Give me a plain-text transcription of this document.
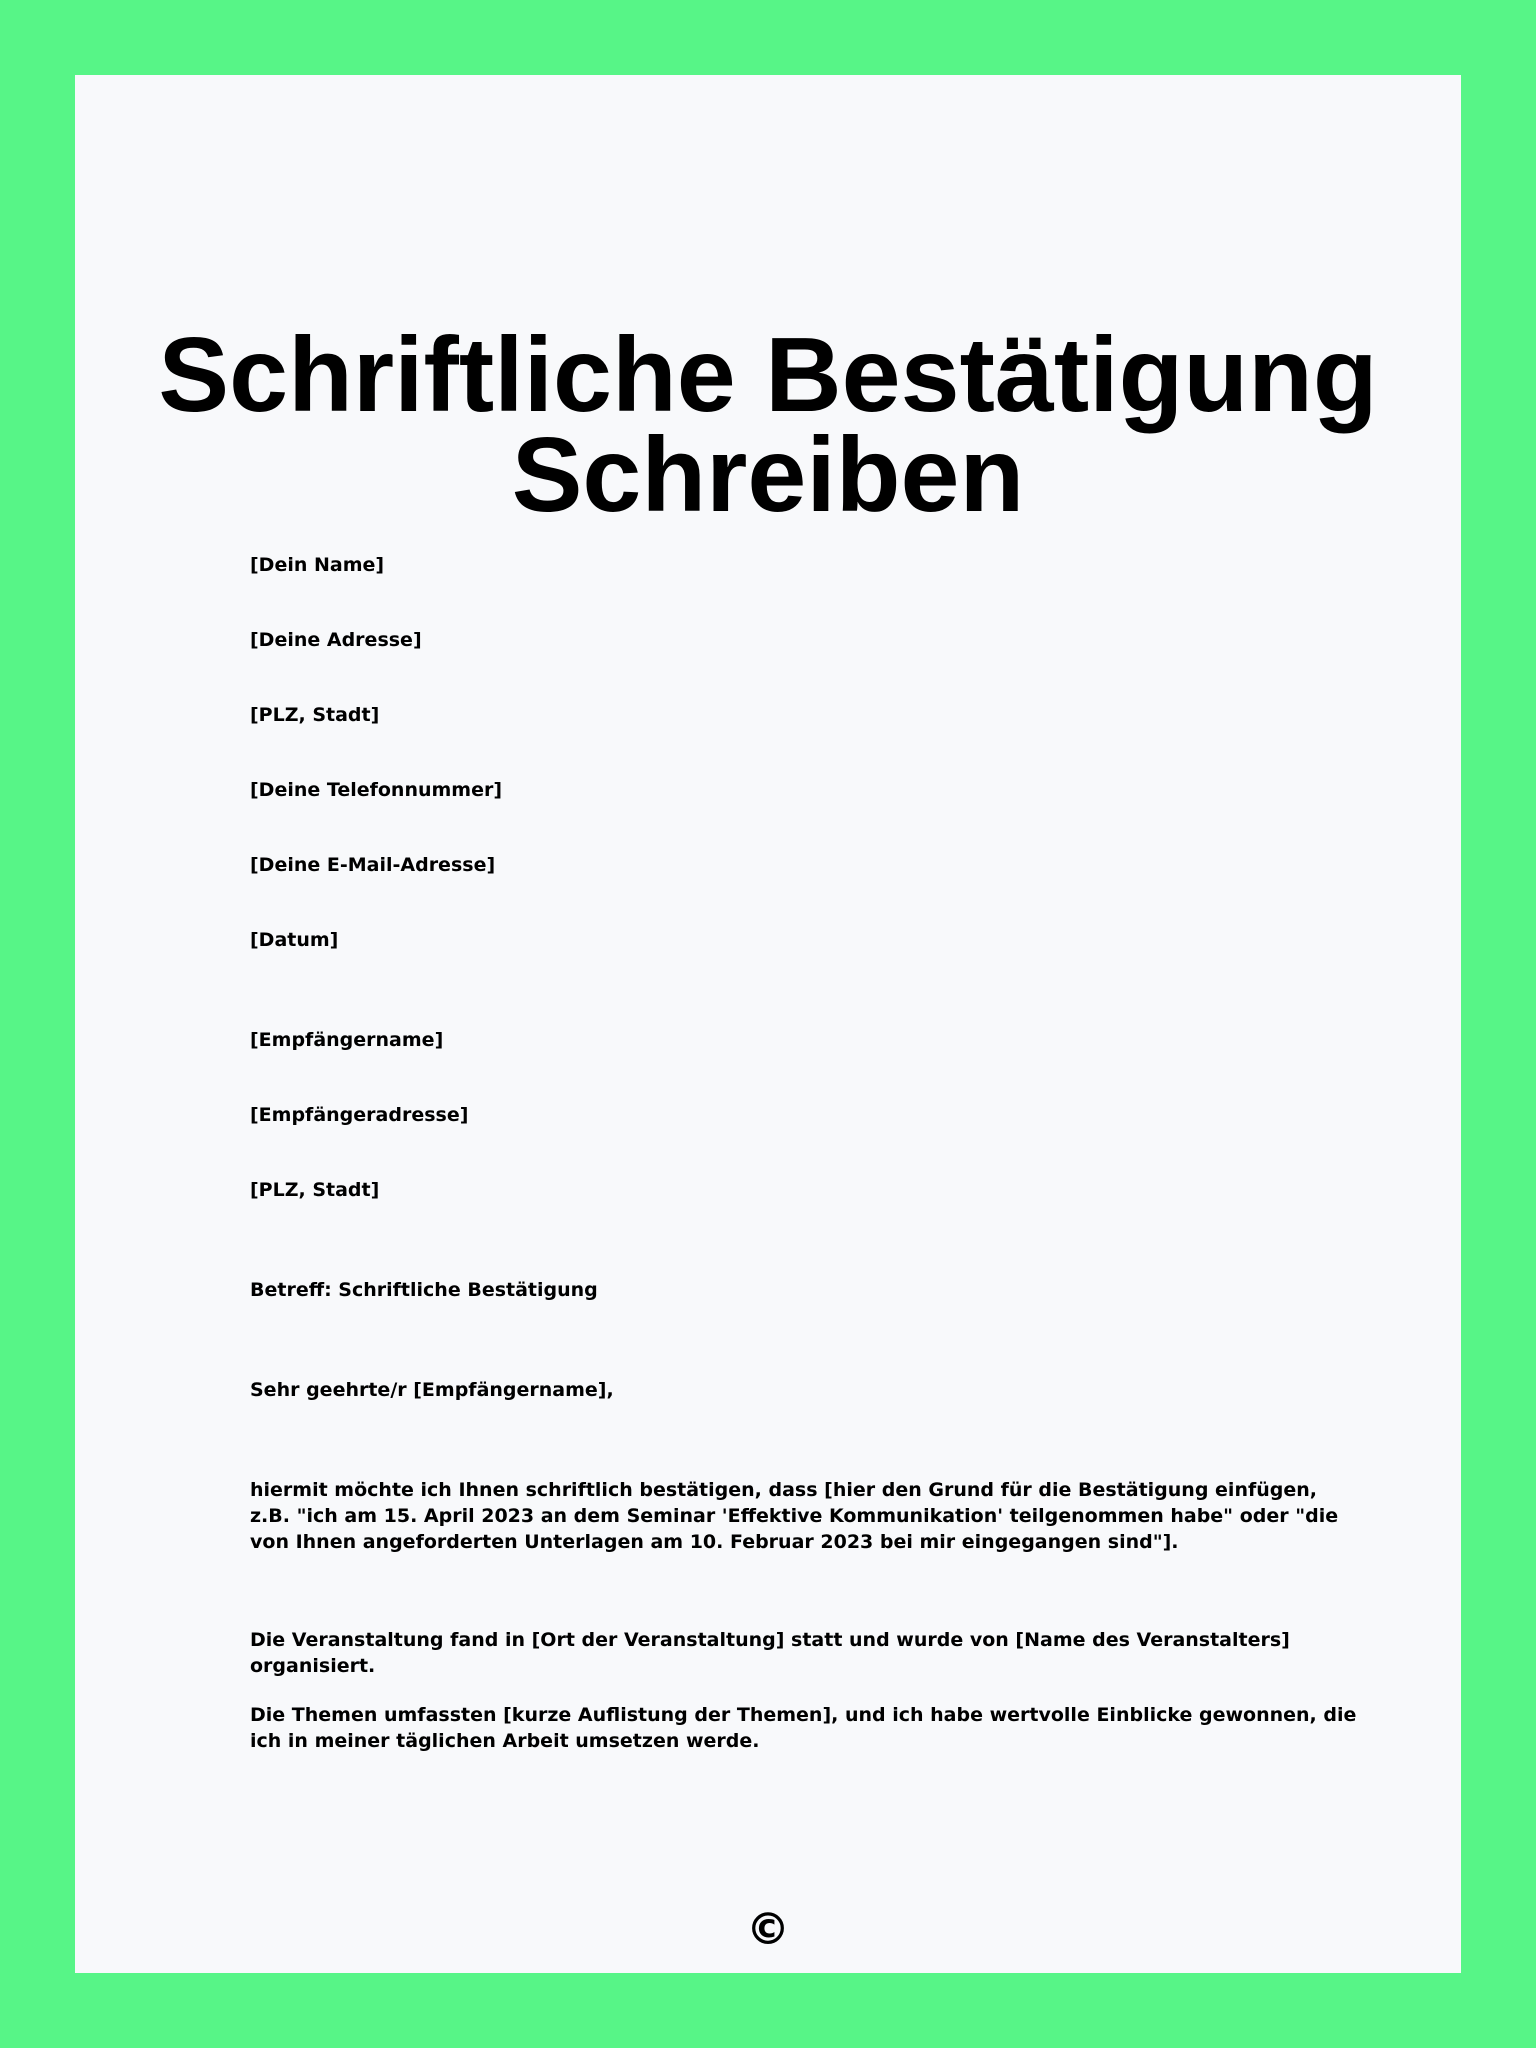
Schriftliche Bestätigung
Schreiben

[Dein Name]

[Deine Adresse]

[PLZ, Stadt]

[Deine Telefonnummer]

[Deine E-Mail-Adresse]

[Datum]

[Empfängername]

[Empfängeradresse]

[PLZ, Stadt]

Betreff: Schriftliche Bestätigung

Sehr geehrte/r [Empfängername],

hiermit möchte ich Ihnen schriftlich bestätigen, dass [hier den Grund für die Bestätigung einfügen, z.B. "ich am 15. April 2023 an dem Seminar 'Effektive Kommunikation' teilgenommen habe" oder "die von Ihnen angeforderten Unterlagen am 10. Februar 2023 bei mir eingegangen sind"].

Die Veranstaltung fand in [Ort der Veranstaltung] statt und wurde von [Name des Veranstalters] organisiert.

Die Themen umfassten [kurze Auflistung der Themen], und ich habe wertvolle Einblicke gewonnen, die ich in meiner täglichen Arbeit umsetzen werde.

©
